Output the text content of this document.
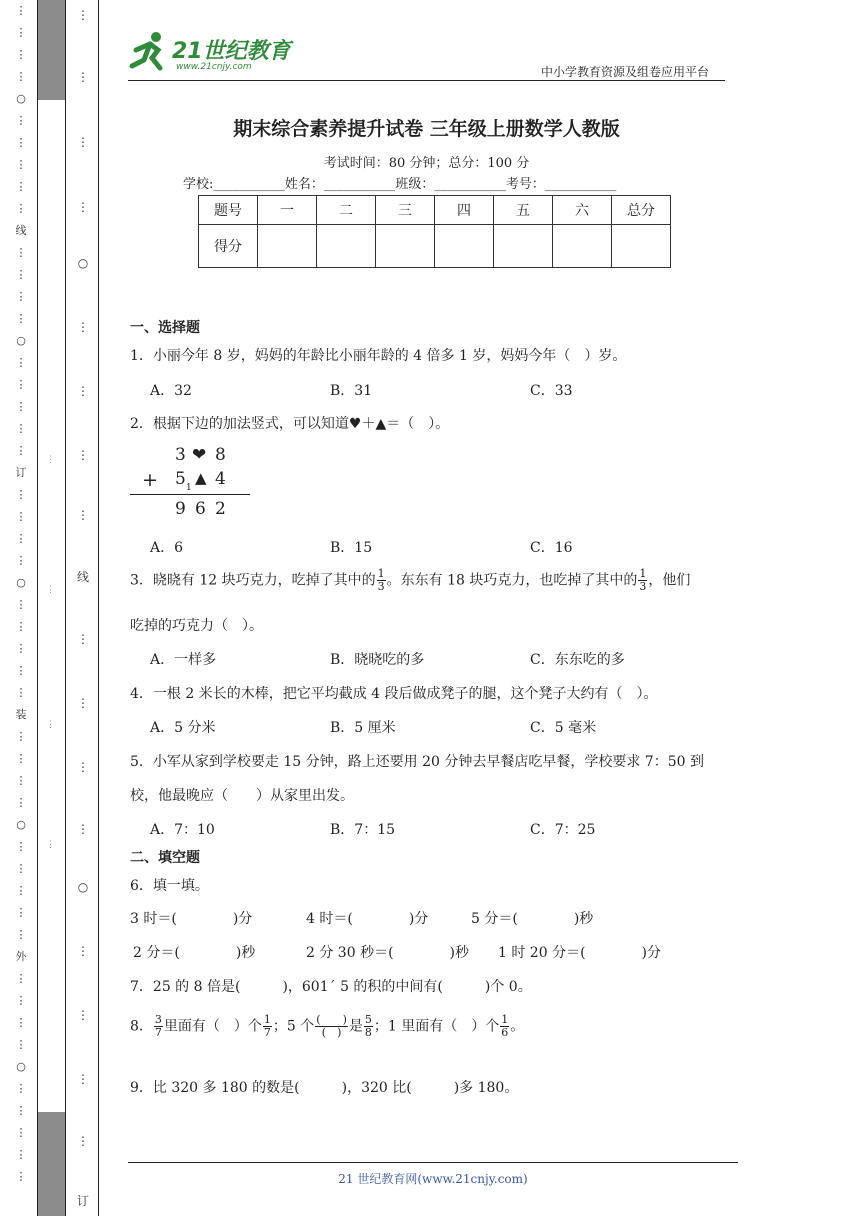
⋮
⋮
⋮
⋮
○
⋮
⋮
⋮
⋮
⋮
线
⋮
⋮
⋮
⋮
○
⋮
⋮
⋮
⋮
⋮
订
⋮
⋮
⋮
⋮
○
⋮
⋮
⋮
⋮
⋮
装
⋮
⋮
⋮
⋮
○
⋮
⋮
⋮
⋮
⋮
外
⋮
⋮
⋮
⋮
○
⋮
⋮
⋮
⋮
⋮
⋮
⋮
⋮
⋮
○
⋮
⋮
⋮
⋮
线
⋮
⋮
⋮
⋮
○
⋮
⋮
⋮
⋮
订
⋮
⋮
⋮
⋮
21世纪教育
www.21cnjy.com	中小学教育资源及组卷应用平台
期末综合素养提升试卷 三年级上册数学人教版
考试时间：80 分钟；总分：100 分
学校:___________姓名：___________班级：___________考号：___________
题号	一	二	三	四	五	六	总分
得分							
一、选择题
1．小丽今年 8 岁，妈妈的年龄比小丽年龄的 4 倍多 1 岁，妈妈今年（　）岁。
A．32	B．31	C．33
2．根据下边的加法竖式，可以知道♥＋▲＝（　）。
3 ❤ 8
+ 5 1
▲ 4
9 6 2
A．6	B．15	C．16
3．晓晓有 12 块巧克力，吃掉了其中的 $\frac{1}{3}$ 。东东有 18 块巧克力，也吃掉了其中的 $\frac{1}{3}$ ，他们
吃掉的巧克力（　）。
A．一样多	B．晓晓吃的多	C．东东吃的多
4．一根 2 米长的木棒，把它平均截成 4 段后做成凳子的腿，这个凳子大约有（　）。
A．5 分米	B．5 厘米	C．5 毫米
5．小军从家到学校要走 15 分钟，路上还要用 20 分钟去早餐店吃早餐，学校要求 7：50 到
校，他最晚应（　　）从家里出发。
A．7：10	B．7：15	C．7：25
二、填空题
6．填一填。
3 时＝(　　　　)分	4 时＝(　　　　)分	5 分＝(　　　　)秒
2 分＝(　　　　)秒	2 分 30 秒＝(　　　　)秒 1 时 20 分＝(　　　　)分
7．25 的 8 倍是(　　　)，601´ 5 的积的中间有(　　　)个 0。
8． $\frac{3}{7}$ 里面有（　）个 $\frac{1}{7}$ ；5 个 $\frac{( )}{( )}$ 是 $\frac{5}{8}$ ；1 里面有（　）个 $\frac{1}{6}$ 。
9．比 320 多 180 的数是(　　　)，320 比(　　　)多 180。
21 世纪教育网(www.21cnjy.com)
